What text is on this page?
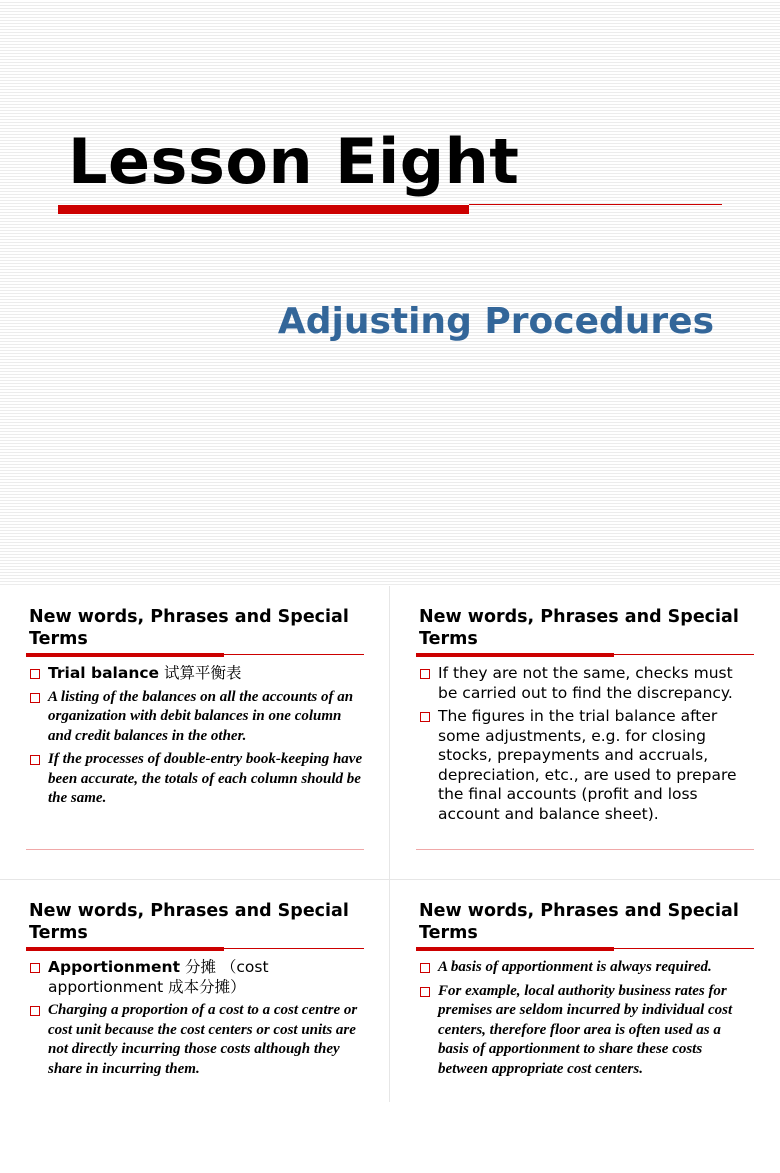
Lesson Eight
Adjusting Procedures
New words, Phrases and Special Terms
Trial balance 试算平衡表
A listing of the balances on all the accounts of an organization with debit balances in one column and credit balances in the other.
If the processes of double-entry book-keeping have been accurate, the totals of each column should be the same.
New words, Phrases and Special Terms
If they are not the same, checks must be carried out to find the discrepancy.
The figures in the trial balance after some adjustments, e.g. for closing stocks, prepayments and accruals, depreciation, etc., are used to prepare the final accounts (profit and loss account and balance sheet).
New words, Phrases and Special Terms
Apportionment 分摊 （cost apportionment 成本分摊）
Charging a proportion of a cost to a cost centre or cost unit because the cost centers or cost units are not directly incurring those costs although they share in incurring them.
New words, Phrases and Special Terms
A basis of apportionment is always required.
For example, local authority business rates for premises are seldom incurred by individual cost centers, therefore floor area is often used as a basis of apportionment to share these costs between appropriate cost centers.
